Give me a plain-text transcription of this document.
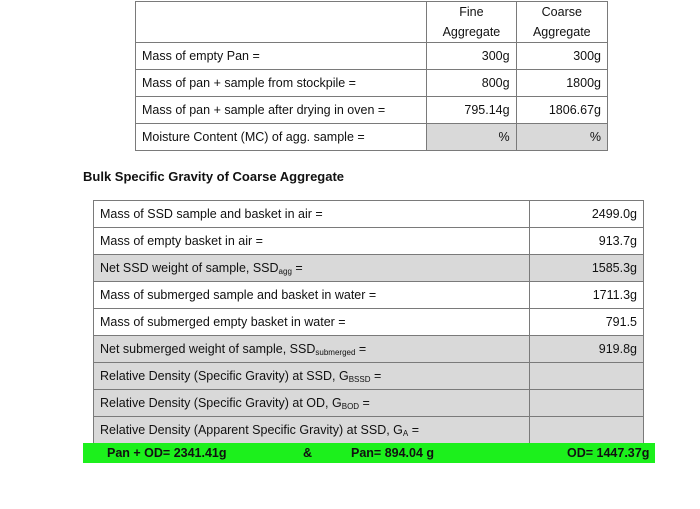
	Fine	Coarse
	Aggregate	Aggregate
Mass of empty Pan =	300g	300g
Mass of pan + sample from stockpile =	800g	1800g
Mass of pan + sample after drying in oven =	795.14g	1806.67g
Moisture Content (MC) of agg. sample =	%	%
Bulk Specific Gravity of Coarse Aggregate
Mass of SSD sample and basket in air =	2499.0g
Mass of empty basket in air =	913.7g
Net SSD weight of sample, $SSD_{agg}$ =	1585.3g
Mass of submerged sample and basket in water =	1711.3g
Mass of submerged empty basket in water =	791.5
Net submerged weight of sample, $SSD_{submerged}$ =	919.8g
Relative Density (Specific Gravity) at SSD, $G_{BSSD}$ =	
Relative Density (Specific Gravity) at OD, $G_{BOD}$ =	
Relative Density (Apparent Specific Gravity) at SSD, $G_A$ =	
Pan + OD= 2341.41g	&	Pan= 894.04 g	OD= 1447.37g
